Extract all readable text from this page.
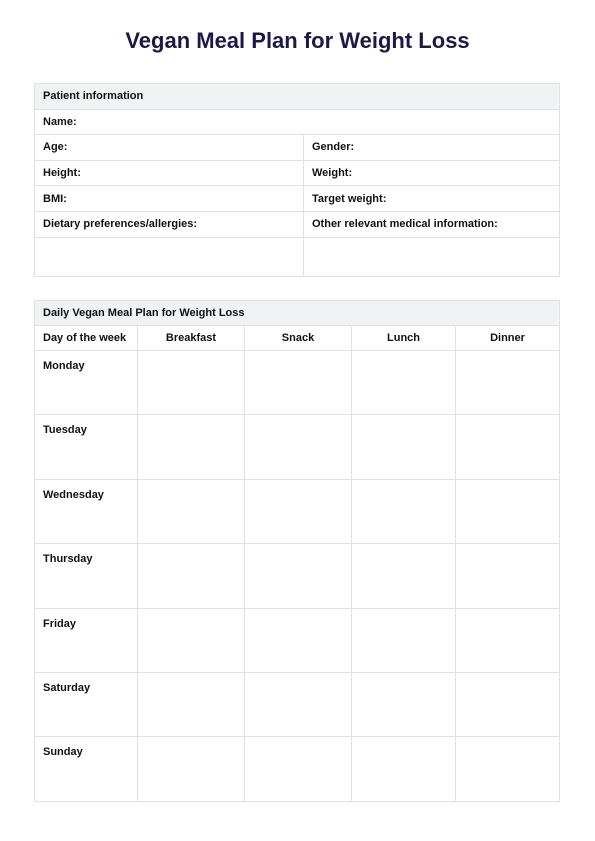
Vegan Meal Plan for Weight Loss
Patient information	
Name:	
Age:	Gender:
Height:	Weight:
BMI:	Target weight:
Dietary preferences/allergies:	Other relevant medical information:

Daily Vegan Meal Plan for Weight Loss				
Day of the week	Breakfast	Snack	Lunch	Dinner
Monday				
Tuesday				
Wednesday				
Thursday				
Friday				
Saturday				
Sunday				
